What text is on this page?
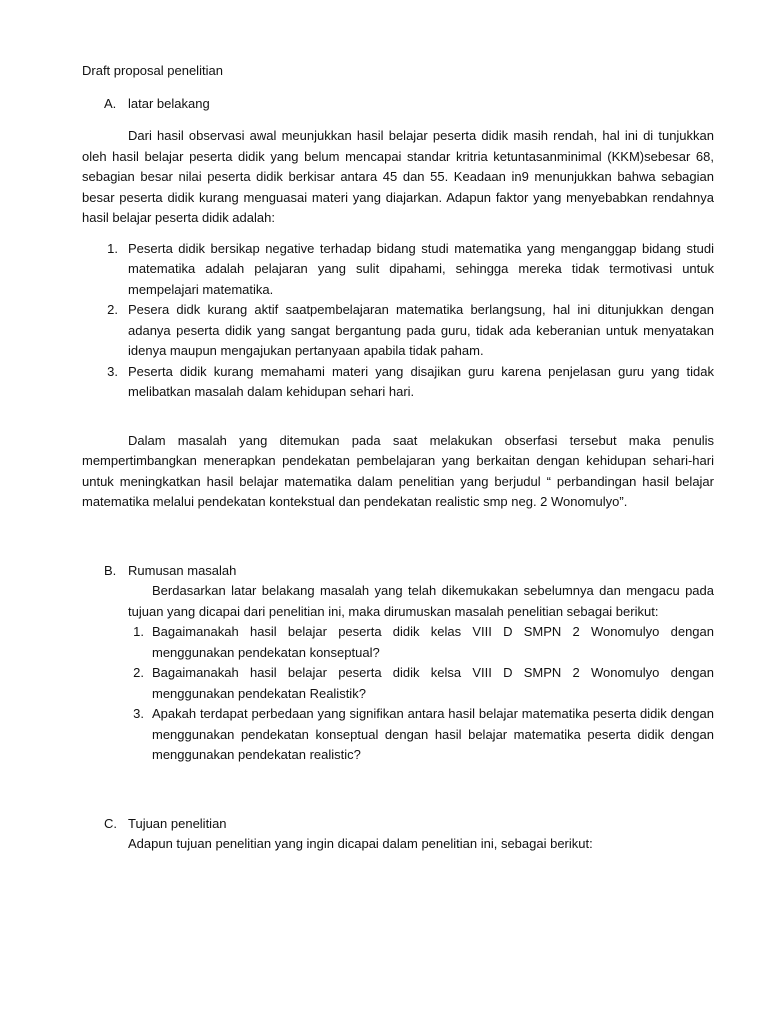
Draft proposal penelitian

A. latar belakang

Dari hasil observasi awal meunjukkan hasil belajar peserta didik masih rendah, hal ini di tunjukkan oleh hasil belajar peserta didik yang belum mencapai standar kritria ketuntasanminimal (KKM)sebesar 68, sebagian besar nilai peserta didik berkisar antara 45 dan 55. Keadaan in9 menunjukkan bahwa sebagian besar peserta didik kurang menguasai materi yang diajarkan. Adapun faktor yang menyebabkan rendahnya hasil belajar peserta didik adalah:

1. Peserta didik bersikap negative terhadap bidang studi matematika yang menganggap bidang studi matematika adalah pelajaran yang sulit dipahami, sehingga mereka tidak termotivasi untuk mempelajari matematika.
2. Pesera didk kurang aktif saatpembelajaran matematika berlangsung, hal ini ditunjukkan dengan adanya peserta didik yang sangat bergantung pada guru, tidak ada keberanian untuk menyatakan idenya maupun mengajukan pertanyaan apabila tidak paham.
3. Peserta didik kurang memahami materi yang disajikan guru karena penjelasan guru yang tidak melibatkan masalah dalam kehidupan sehari hari.

Dalam masalah yang ditemukan pada saat melakukan obserfasi tersebut maka penulis mempertimbangkan menerapkan pendekatan pembelajaran yang berkaitan dengan kehidupan sehari-hari untuk meningkatkan hasil belajar matematika dalam penelitian yang berjudul “ perbandingan hasil belajar matematika melalui pendekatan kontekstual dan pendekatan realistic smp neg. 2 Wonomulyo”.

B. Rumusan masalah

Berdasarkan latar belakang masalah yang telah dikemukakan sebelumnya dan mengacu pada tujuan yang dicapai dari penelitian ini, maka dirumuskan masalah penelitian sebagai berikut:

1. Bagaimanakah hasil belajar peserta didik kelas VIII D SMPN 2 Wonomulyo dengan menggunakan pendekatan konseptual?
2. Bagaimanakah hasil belajar peserta didik kelsa VIII D SMPN 2 Wonomulyo dengan menggunakan pendekatan Realistik?
3. Apakah terdapat perbedaan yang signifikan antara hasil belajar matematika peserta didik dengan menggunakan pendekatan konseptual dengan hasil belajar matematika peserta didik dengan menggunakan pendekatan realistic?
C. Tujuan penelitian

Adapun tujuan penelitian yang ingin dicapai dalam penelitian ini, sebagai berikut:
